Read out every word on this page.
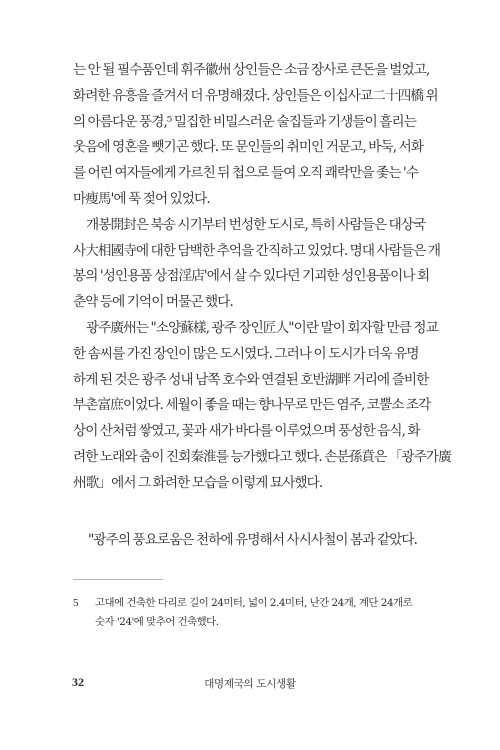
는 안 될 필수품인데 휘주徽州 상인들은 소금 장사로 큰돈을 벌었고,
화려한 유흥을 즐겨서 더 유명해졌다. 상인들은 이십사교二十四橋 위
의 아름다운 풍경,⁵ 밀집한 비밀스러운 술집들과 기생들이 흘리는
웃음에 영혼을 뺏기곤 했다. 또 문인들의 취미인 거문고, 바둑, 서화
를 어린 여자들에게 가르친 뒤 첩으로 들여 오직 쾌락만을 좇는 '수
마瘦馬'에 푹 젖어 있었다.
개봉開封은 북송 시기부터 번성한 도시로, 특히 사람들은 대상국
사大相國寺에 대한 담백한 추억을 간직하고 있었다. 명대 사람들은 개
봉의 '성인용품 상점淫店'에서 살 수 있다던 기괴한 성인용품이나 회
춘약 등에 기억이 머물곤 했다.
광주廣州는 "소양蘇樣, 광주 장인匠人"이란 말이 회자할 만큼 정교
한 솜씨를 가진 장인이 많은 도시였다. 그러나 이 도시가 더욱 유명
하게 된 것은 광주 성내 남쪽 호수와 연결된 호반湖畔 거리에 즐비한
부촌富庶이었다. 세월이 좋을 때는 향나무로 만든 염주, 코뿔소 조각
상이 산처럼 쌓였고, 꽃과 새가 바다를 이루었으며 풍성한 음식, 화
려한 노래와 춤이 진회秦淮를 능가했다고 했다. 손분孫賁은 「광주가廣
州歌」에서 그 화려한 모습을 이렇게 묘사했다.
"광주의 풍요로움은 천하에 유명해서 사시사철이 봄과 같았다.
5	고대에 건축한 다리로 길이 24미터, 넓이 2.4미터, 난간 24개, 계단 24개로
숫자 '24'에 맞추어 건축했다.
32	대명제국의 도시생활
